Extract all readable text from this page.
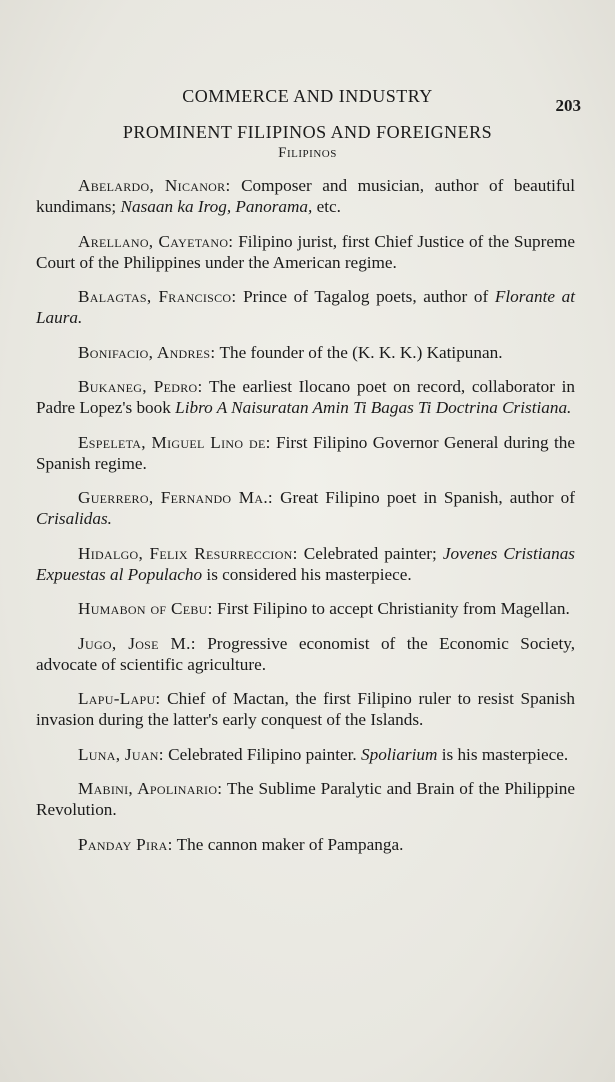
COMMERCE AND INDUSTRY	203
PROMINENT FILIPINOS AND FOREIGNERS
Filipinos

Abelardo, Nicanor: Composer and musician, author of beautiful kundimans; Nasaan ka Irog, Panorama, etc.

Arellano, Cayetano: Filipino jurist, first Chief Justice of the Supreme Court of the Philippines under the American regime.

Balagtas, Francisco: Prince of Tagalog poets, author of Florante at Laura.

Bonifacio, Andres: The founder of the (K. K. K.) Katipunan.

Bukaneg, Pedro: The earliest Ilocano poet on record, collaborator in Padre Lopez's book Libro A Naisuratan Amin Ti Bagas Ti Doctrina Cristiana.

Espeleta, Miguel Lino de: First Filipino Governor General during the Spanish regime.

Guerrero, Fernando Ma.: Great Filipino poet in Spanish, author of Crisalidas.

Hidalgo, Felix Resurreccion: Celebrated painter; Jovenes Cristianas Expuestas al Populacho is considered his masterpiece.

Humabon of Cebu: First Filipino to accept Christianity from Magellan.

Jugo, Jose M.: Progressive economist of the Economic Society, advocate of scientific agriculture.

Lapu-Lapu: Chief of Mactan, the first Filipino ruler to resist Spanish invasion during the latter's early conquest of the Islands.

Luna, Juan: Celebrated Filipino painter. Spoliarium is his masterpiece.

Mabini, Apolinario: The Sublime Paralytic and Brain of the Philippine Revolution.

Panday Pira: The cannon maker of Pampanga.
